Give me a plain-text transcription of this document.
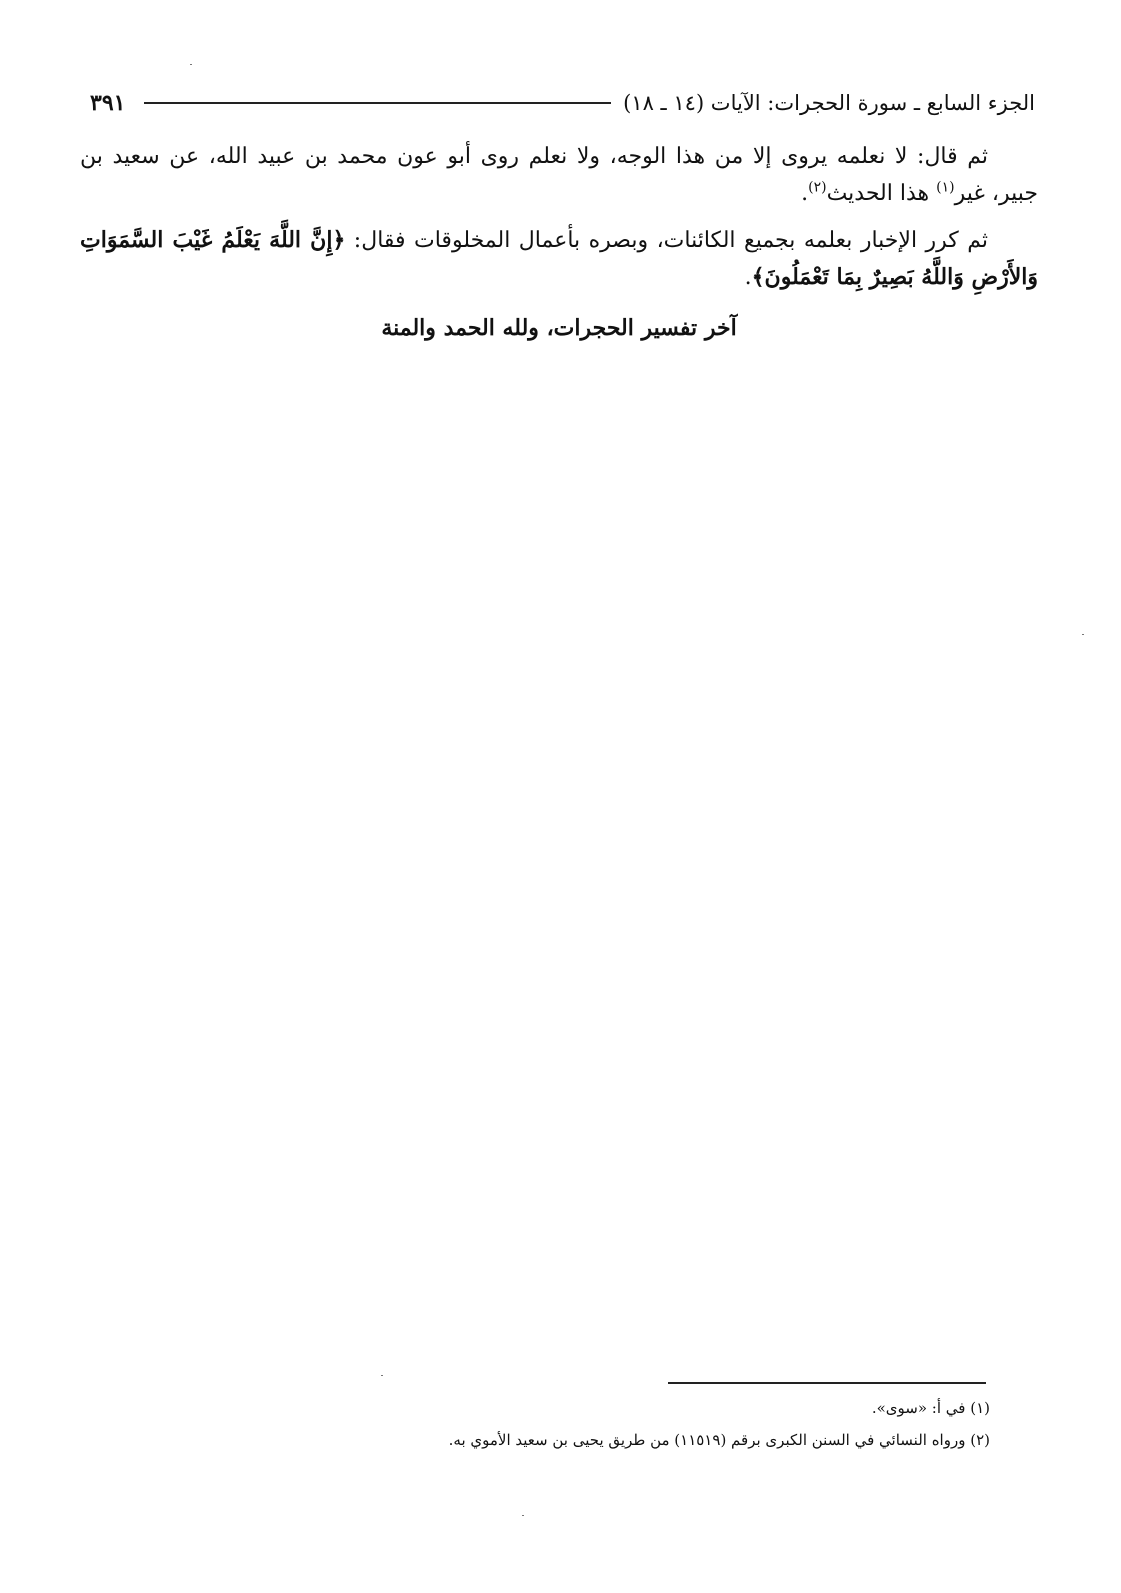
٣٩١	الجزء السابع ـ سورة الحجرات: الآيات (١٤ ـ ١٨)

ثم قال: لا نعلمه يروى إلا من هذا الوجه، ولا نعلم روى أبو عون محمد بن عبيد الله، عن سعيد بن جبير، غير$^{(١)}$ هذا الحديث$^{(٢)}$.

ثم كرر الإخبار بعلمه بجميع الكائنات، وبصره بأعمال المخلوقات فقال: ﴿إِنَّ اللَّهَ يَعْلَمُ غَيْبَ السَّمَوَاتِ وَالأَرْضِ وَاللَّهُ بَصِيرٌ بِمَا تَعْمَلُونَ﴾.

آخر تفسير الحجرات، ولله الحمد والمنة

(١) في أ: «سوى».

(٢) ورواه النسائي في السنن الكبرى برقم (١١٥١٩) من طريق يحيى بن سعيد الأموي به.
